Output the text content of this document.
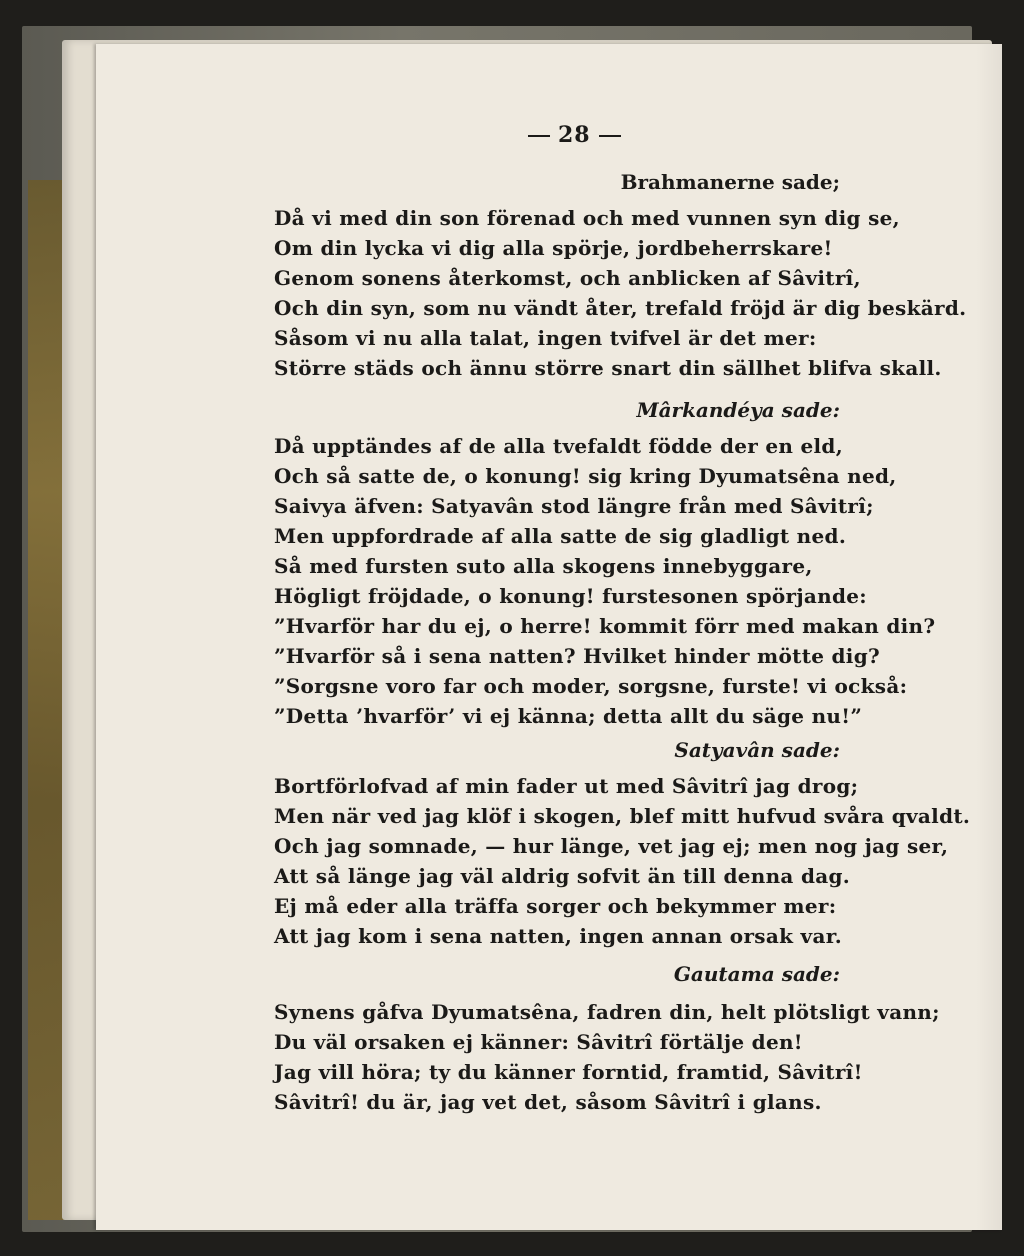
28
Brahmanerne sade;
Då vi med din son förenad och med vunnen syn dig se,
Om din lycka vi dig alla spörje, jordbeherrskare!
Genom sonens återkomst, och anblicken af Sâvitrî,
Och din syn, som nu vändt åter, trefald fröjd är dig beskärd.
Såsom vi nu alla talat, ingen tvifvel är det mer:
Större städs och ännu större snart din sällhet blifva skall.
Mârkandéya sade:
Då upptändes af de alla tvefaldt födde der en eld,
Och så satte de, o konung! sig kring Dyumatsêna ned,
Saivya äfven: Satyavân stod längre från med Sâvitrî;
Men uppfordrade af alla satte de sig gladligt ned.
Så med fursten suto alla skogens innebyggare,
Högligt fröjdade, o konung! furstesonen spörjande:
”Hvarför har du ej, o herre! kommit förr med makan din?
”Hvarför så i sena natten? Hvilket hinder mötte dig?
”Sorgsne voro far och moder, sorgsne, furste! vi också:
”Detta ’hvarför’ vi ej känna; detta allt du säge nu!”
Satyavân sade:
Bortförlofvad af min fader ut med Sâvitrî jag drog;
Men när ved jag klöf i skogen, blef mitt hufvud svåra qvaldt.
Och jag somnade, — hur länge, vet jag ej; men nog jag ser,
Att så länge jag väl aldrig sofvit än till denna dag.
Ej må eder alla träffa sorger och bekymmer mer:
Att jag kom i sena natten, ingen annan orsak var.
Gautama sade:
Synens gåfva Dyumatsêna, fadren din, helt plötsligt vann;
Du väl orsaken ej känner: Sâvitrî förtälje den!
Jag vill höra; ty du känner forntid, framtid, Sâvitrî!
Sâvitrî! du är, jag vet det, såsom Sâvitrî i glans.
